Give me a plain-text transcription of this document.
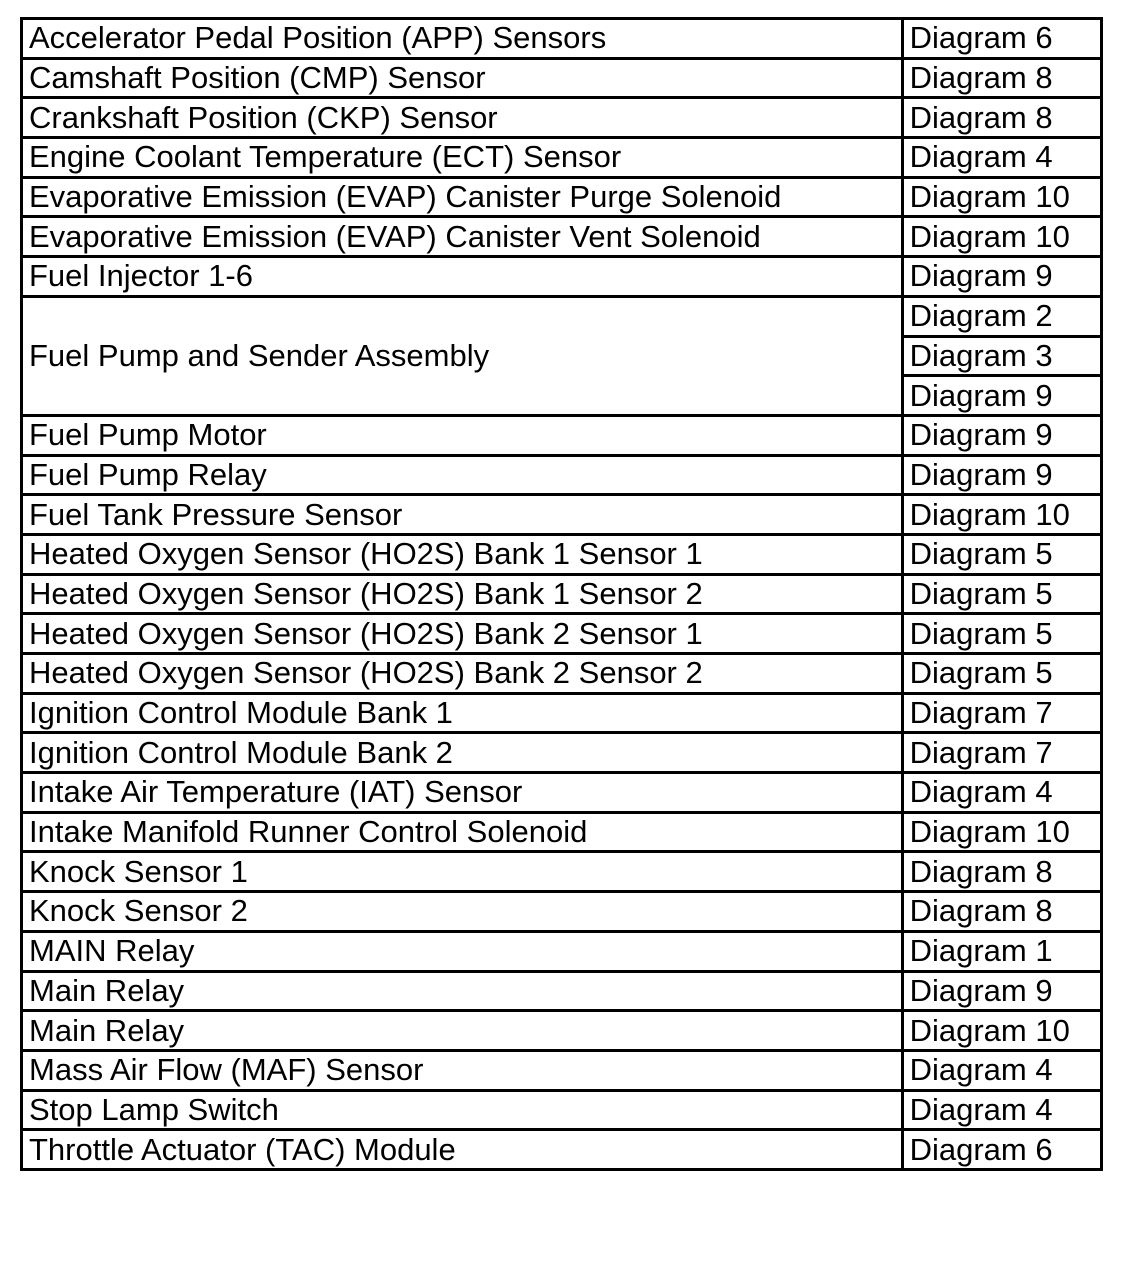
Accelerator Pedal Position (APP) Sensors	Diagram 6
Camshaft Position (CMP) Sensor	Diagram 8
Crankshaft Position (CKP) Sensor	Diagram 8
Engine Coolant Temperature (ECT) Sensor	Diagram 4
Evaporative Emission (EVAP) Canister Purge Solenoid	Diagram 10
Evaporative Emission (EVAP) Canister Vent Solenoid	Diagram 10
Fuel Injector 1-6	Diagram 9
Fuel Pump and Sender Assembly	Diagram 2
	Diagram 3
	Diagram 9
Fuel Pump Motor	Diagram 9
Fuel Pump Relay	Diagram 9
Fuel Tank Pressure Sensor	Diagram 10
Heated Oxygen Sensor (HO2S) Bank 1 Sensor 1	Diagram 5
Heated Oxygen Sensor (HO2S) Bank 1 Sensor 2	Diagram 5
Heated Oxygen Sensor (HO2S) Bank 2 Sensor 1	Diagram 5
Heated Oxygen Sensor (HO2S) Bank 2 Sensor 2	Diagram 5
Ignition Control Module Bank 1	Diagram 7
Ignition Control Module Bank 2	Diagram 7
Intake Air Temperature (IAT) Sensor	Diagram 4
Intake Manifold Runner Control Solenoid	Diagram 10
Knock Sensor 1	Diagram 8
Knock Sensor 2	Diagram 8
MAIN Relay	Diagram 1
Main Relay	Diagram 9
Main Relay	Diagram 10
Mass Air Flow (MAF) Sensor	Diagram 4
Stop Lamp Switch	Diagram 4
Throttle Actuator (TAC) Module	Diagram 6
